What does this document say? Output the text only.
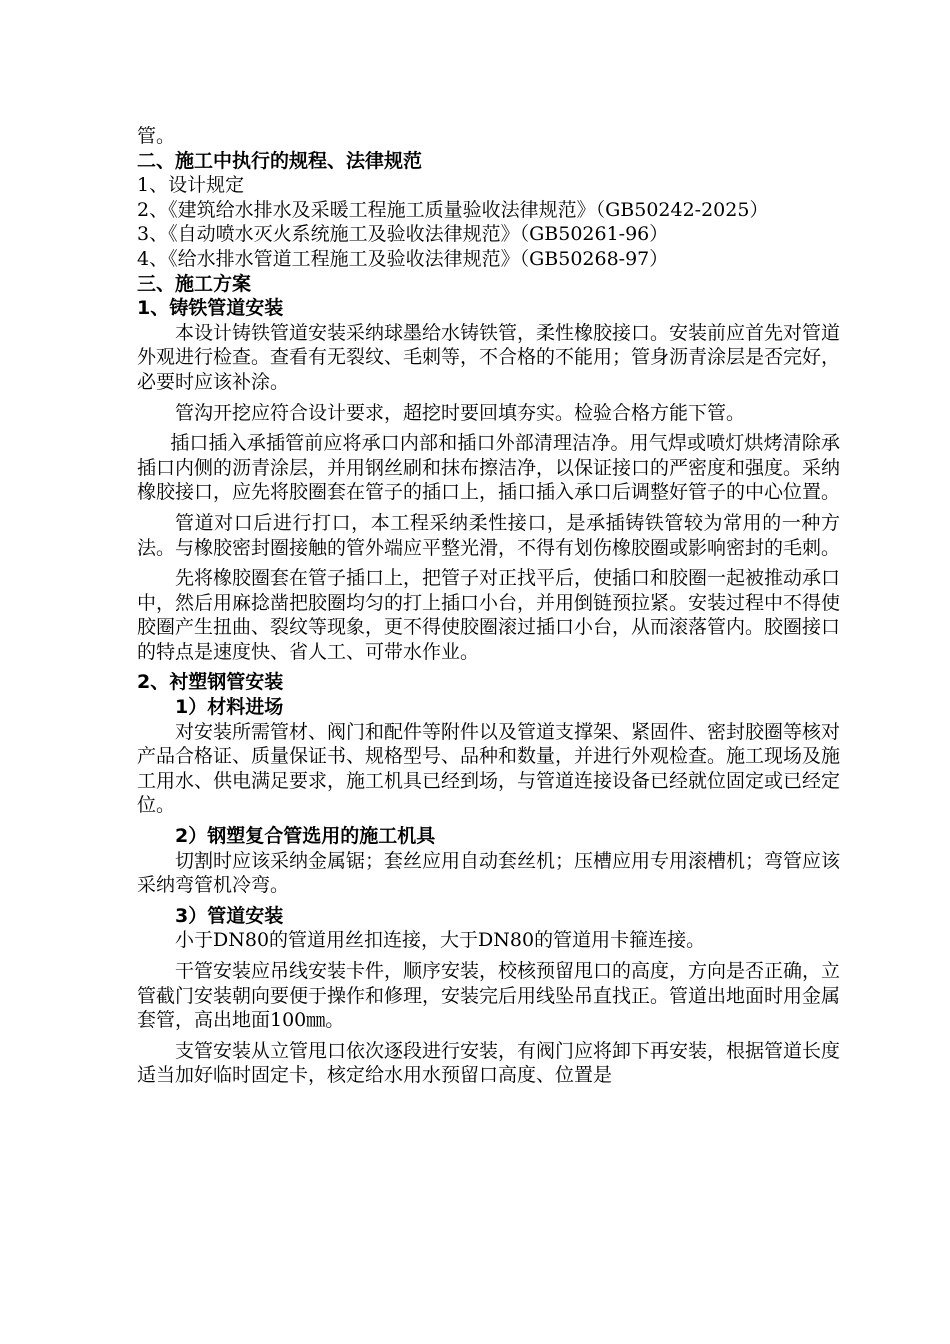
管。

二、施工中执行的规程、法律规范

1、设计规定

2、《建筑给水排水及采暖工程施工质量验收法律规范》（GB50242-2025）

3、《自动喷水灭火系统施工及验收法律规范》（GB50261-96）

4、《给水排水管道工程施工及验收法律规范》（GB50268-97）

三、施工方案

1、铸铁管道安装

本设计铸铁管道安装采纳球墨给水铸铁管，柔性橡胶接口。安装前应首先对管道外观进行检查。查看有无裂纹、毛刺等，不合格的不能用；管身沥青涂层是否完好，必要时应该补涂。

管沟开挖应符合设计要求，超挖时要回填夯实。检验合格方能下管。

插口插入承插管前应将承口内部和插口外部清理洁净。用气焊或喷灯烘烤清除承插口内侧的沥青涂层，并用钢丝刷和抹布擦洁净，以保证接口的严密度和强度。采纳橡胶接口，应先将胶圈套在管子的插口上，插口插入承口后调整好管子的中心位置。

管道对口后进行打口，本工程采纳柔性接口，是承插铸铁管较为常用的一种方法。与橡胶密封圈接触的管外端应平整光滑，不得有划伤橡胶圈或影响密封的毛刺。

先将橡胶圈套在管子插口上，把管子对正找平后，使插口和胶圈一起被推动承口中，然后用麻捻凿把胶圈均匀的打上插口小台，并用倒链预拉紧。安装过程中不得使胶圈产生扭曲、裂纹等现象，更不得使胶圈滚过插口小台，从而滚落管内。胶圈接口的特点是速度快、省人工、可带水作业。

2、衬塑钢管安装

1）材料进场

对安装所需管材、阀门和配件等附件以及管道支撑架、紧固件、密封胶圈等核对产品合格证、质量保证书、规格型号、品种和数量，并进行外观检查。施工现场及施工用水、供电满足要求，施工机具已经到场，与管道连接设备已经就位固定或已经定位。

2）钢塑复合管选用的施工机具

切割时应该采纳金属锯；套丝应用自动套丝机；压槽应用专用滚槽机；弯管应该采纳弯管机冷弯。

3）管道安装

小于DN80的管道用丝扣连接，大于DN80的管道用卡箍连接。

干管安装应吊线安装卡件，顺序安装，校核预留甩口的高度，方向是否正确，立管截门安装朝向要便于操作和修理，安装完后用线坠吊直找正。管道出地面时用金属套管，高出地面100㎜。

支管安装从立管甩口依次逐段进行安装，有阀门应将卸下再安装，根据管道长度适当加好临时固定卡，核定给水用水预留口高度、位置是
